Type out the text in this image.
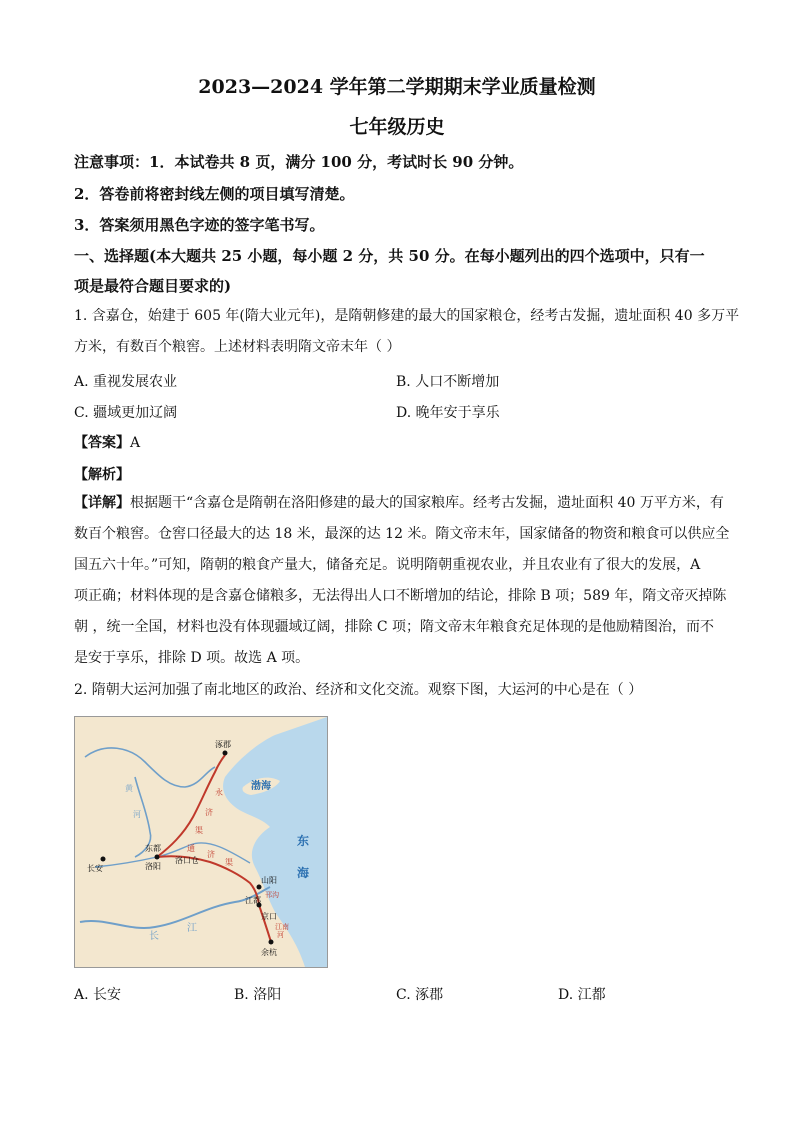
2023—2024 学年第二学期期末学业质量检测
七年级历史
注意事项：1．本试卷共 8 页，满分 100 分，考试时长 90 分钟。
2．答卷前将密封线左侧的项目填写清楚。
3．答案须用黑色字迹的签字笔书写。
一、选择题(本大题共 25 小题，每小题 2 分，共 50 分。在每小题列出的四个选项中，只有一
项是最符合题目要求的)
1. 含嘉仓，始建于 605 年(隋大业元年)，是隋朝修建的最大的国家粮仓，经考古发掘，遗址面积 40 多万平
方米，有数百个粮窖。上述材料表明隋文帝末年（ ）
A. 重视发展农业	B. 人口不断增加
C. 疆域更加辽阔	D. 晚年安于享乐
【答案】A
【解析】
【详解】根据题干“含嘉仓是隋朝在洛阳修建的最大的国家粮库。经考古发掘，遗址面积 40 万平方米，有
数百个粮窖。仓窖口径最大的达 18 米，最深的达 12 米。隋文帝末年，国家储备的物资和粮食可以供应全
国五六十年。”可知，隋朝的粮食产量大，储备充足。说明隋朝重视农业，并且农业有了很大的发展，A
项正确；材料体现的是含嘉仓储粮多，无法得出人口不断增加的结论，排除 B 项；589 年，隋文帝灭掉陈
朝 ，统一全国，材料也没有体现疆域辽阔，排除 C 项；隋文帝末年粮食充足体现的是他励精图治，而不
是安于享乐，排除 D 项。故选 A 项。
2. 隋朝大运河加强了南北地区的政治、经济和文化交流。观察下图，大运河的中心是在（ ）
涿郡
渤海
东
海
长安
东都
洛阳
洛口仓
山阳
江都
京口
余杭
黄
河
长
江
永
济
渠
通
济
渠
邗沟
江南
河
A. 长安	B. 洛阳	C. 涿郡	D. 江都
